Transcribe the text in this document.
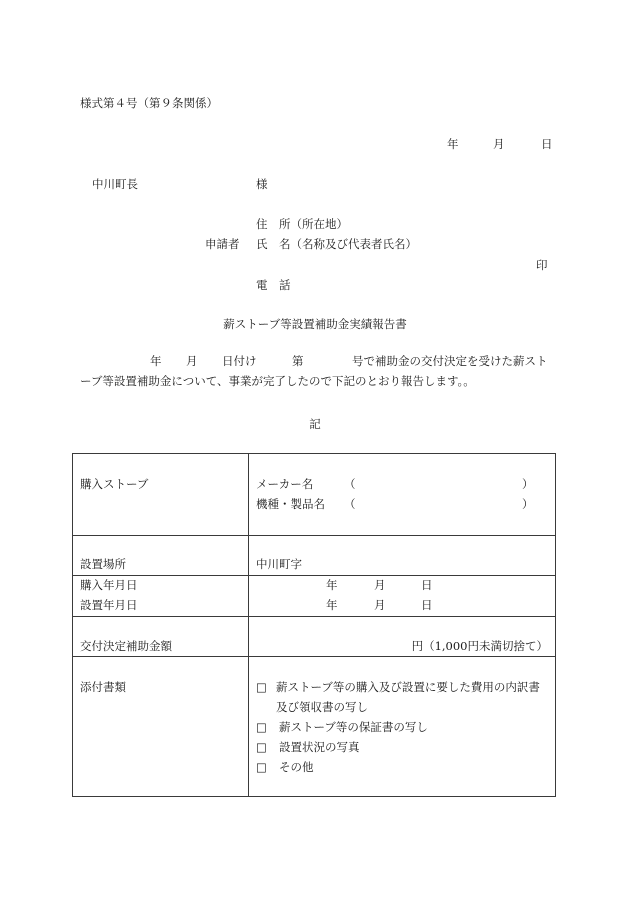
様式第４号（第９条関係）
年	月	日
中川町長	様
住　所（所在地）
申請者 氏　名（名称及び代表者氏名）
印
電　話
薪ストーブ等設置補助金実績報告書
年 月 日付け	第	号で補助金の交付決定を受けた薪スト
ーブ等設置補助金について、事業が完了したので下記のとおり報告します。。
記
購入ストーブ	メーカー名	（	）
機種・製品名 （	）
設置場所	中川町字
購入年月日	年	月	日
設置年月日	年	月	日
交付決定補助金額	円（1,000円未満切捨て）
添付書類	□ 薪ストーブ等の購入及び設置に要した費用の内訳書
及び領収書の写し
□ 薪ストーブ等の保証書の写し
□ 設置状況の写真
□ その他
